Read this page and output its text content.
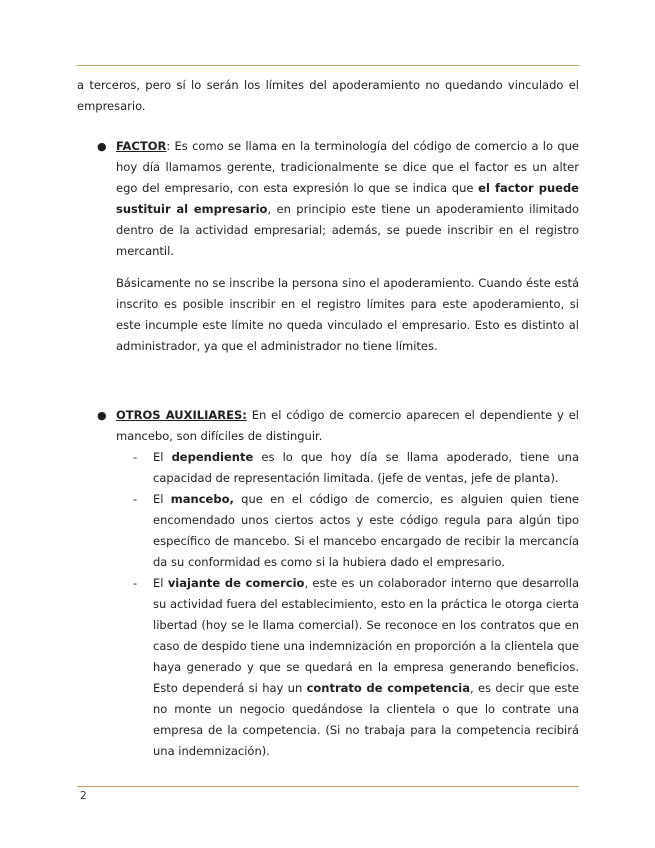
a terceros, pero sí lo serán los límites del apoderamiento no quedando vinculado el empresario.

● FACTOR: Es como se llama en la terminología del código de comercio a lo que hoy día llamamos gerente, tradicionalmente se dice que el factor es un alter ego del empresario, con esta expresión lo que se indica que el factor puede sustituir al empresario, en principio este tiene un apoderamiento ilimitado dentro de la actividad empresarial; además, se puede inscribir en el registro mercantil.

Básicamente no se inscribe la persona sino el apoderamiento. Cuando éste está inscrito es posible inscribir en el registro límites para este apoderamiento, si este incumple este límite no queda vinculado el empresario. Esto es distinto al administrador, ya que el administrador no tiene límites.

● OTROS AUXILIARES: En el código de comercio aparecen el dependiente y el mancebo, son difíciles de distinguir.

- El dependiente es lo que hoy día se llama apoderado, tiene una capacidad de representación limitada. (jefe de ventas, jefe de planta).

- El mancebo, que en el código de comercio, es alguien quien tiene encomendado unos ciertos actos y este código regula para algún tipo específico de mancebo. Si el mancebo encargado de recibir la mercancía da su conformidad es como si la hubiera dado el empresario.

- El viajante de comercio, este es un colaborador interno que desarrolla su actividad fuera del establecimiento, esto en la práctica le otorga cierta libertad (hoy se le llama comercial). Se reconoce en los contratos que en caso de despido tiene una indemnización en proporción a la clientela que haya generado y que se quedará en la empresa generando beneficios. Esto dependerá si hay un contrato de competencia, es decir que este no monte un negocio quedándose la clientela o que lo contrate una empresa de la competencia. (Si no trabaja para la competencia recibirá una indemnización).

2
